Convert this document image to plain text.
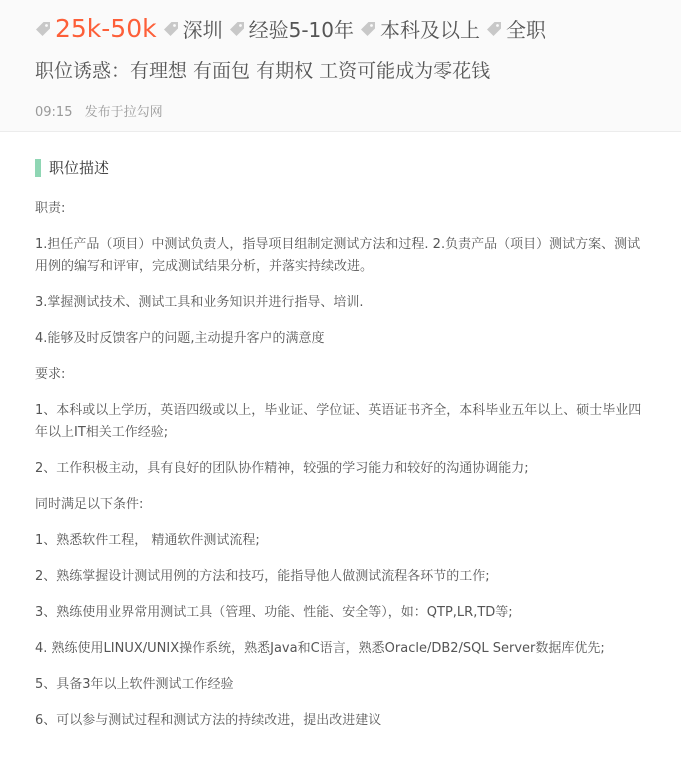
25k-50k 深圳 经验5-10年 本科及以上 全职
职位诱惑：有理想 有面包 有期权 工资可能成为零花钱
09:15 发布于拉勾网
职位描述

职责:

1.担任产品（项目）中测试负责人，指导项目组制定测试方法和过程. 2.负责产品（项目）测试方案、测试用例的编写和评审，完成测试结果分析，并落实持续改进。

3.掌握测试技术、测试工具和业务知识并进行指导、培训.

4.能够及时反馈客户的问题,主动提升客户的满意度

要求:

1、本科或以上学历，英语四级或以上，毕业证、学位证、英语证书齐全，本科毕业五年以上、硕士毕业四年以上IT相关工作经验;

2、工作积极主动，具有良好的团队协作精神，较强的学习能力和较好的沟通协调能力;

同时满足以下条件:

1、熟悉软件工程， 精通软件测试流程;

2、熟练掌握设计测试用例的方法和技巧，能指导他人做测试流程各环节的工作;

3、熟练使用业界常用测试工具（管理、功能、性能、安全等），如：QTP,LR,TD等;

4. 熟练使用LINUX/UNIX操作系统，熟悉Java和C语言，熟悉Oracle/DB2/SQL Server数据库优先;

5、具备3年以上软件测试工作经验

6、可以参与测试过程和测试方法的持续改进，提出改进建议
